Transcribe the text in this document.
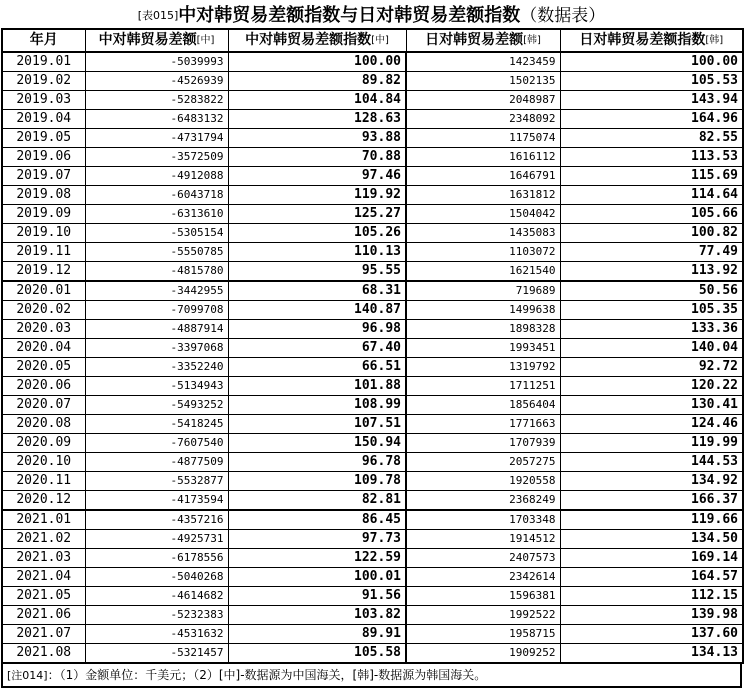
[表015]中对韩贸易差额指数与日对韩贸易差额指数（数据表）
年月	中对韩贸易差额[中]	中对韩贸易差额指数[中]	日对韩贸易差额[韩]	日对韩贸易差额指数[韩]
2019.01	-5039993	100.00	1423459	100.00
2019.02	-4526939	89.82	1502135	105.53
2019.03	-5283822	104.84	2048987	143.94
2019.04	-6483132	128.63	2348092	164.96
2019.05	-4731794	93.88	1175074	82.55
2019.06	-3572509	70.88	1616112	113.53
2019.07	-4912088	97.46	1646791	115.69
2019.08	-6043718	119.92	1631812	114.64
2019.09	-6313610	125.27	1504042	105.66
2019.10	-5305154	105.26	1435083	100.82
2019.11	-5550785	110.13	1103072	77.49
2019.12	-4815780	95.55	1621540	113.92
2020.01	-3442955	68.31	719689	50.56
2020.02	-7099708	140.87	1499638	105.35
2020.03	-4887914	96.98	1898328	133.36
2020.04	-3397068	67.40	1993451	140.04
2020.05	-3352240	66.51	1319792	92.72
2020.06	-5134943	101.88	1711251	120.22
2020.07	-5493252	108.99	1856404	130.41
2020.08	-5418245	107.51	1771663	124.46
2020.09	-7607540	150.94	1707939	119.99
2020.10	-4877509	96.78	2057275	144.53
2020.11	-5532877	109.78	1920558	134.92
2020.12	-4173594	82.81	2368249	166.37
2021.01	-4357216	86.45	1703348	119.66
2021.02	-4925731	97.73	1914512	134.50
2021.03	-6178556	122.59	2407573	169.14
2021.04	-5040268	100.01	2342614	164.57
2021.05	-4614682	91.56	1596381	112.15
2021.06	-5232383	103.82	1992522	139.98
2021.07	-4531632	89.91	1958715	137.60
2021.08	-5321457	105.58	1909252	134.13
[注014]：（1）金额单位：千美元；（2）[中]-数据源为中国海关，[韩]-数据源为韩国海关。
